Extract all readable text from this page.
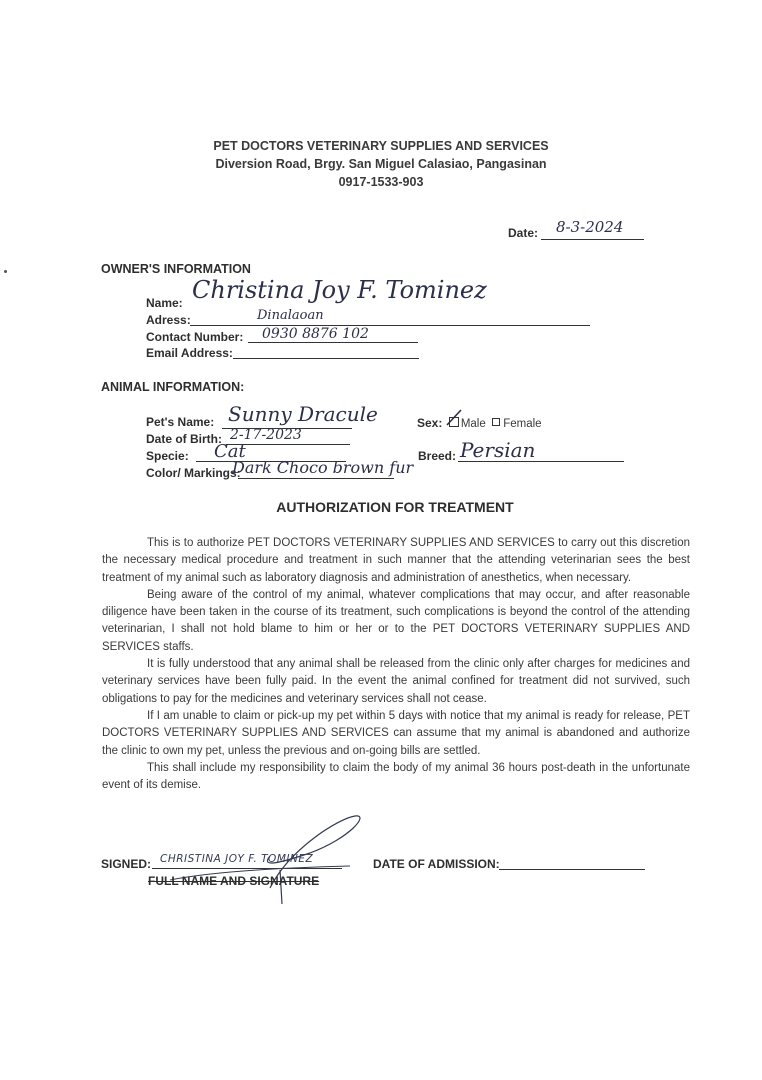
PET DOCTORS VETERINARY SUPPLIES AND SERVICES
Diversion Road, Brgy. San Miguel Calasiao, Pangasinan
0917-1533-903
Date: 8-3-2024
OWNER'S INFORMATION
Name: Christina Joy F. Tominez
Adress:	Dinalaoan
Contact Number: 0930 8876 102
Email Address:
ANIMAL INFORMATION:
Pet's Name: Sunny Dracule
Date of Birth: 2-17-2023
Specie: Cat
Color/ Markings:
Dark Choco brown fur
Sex: Male Female
Breed: Persian
AUTHORIZATION FOR TREATMENT

This is to authorize PET DOCTORS VETERINARY SUPPLIES AND SERVICES to carry out this discretion the necessary medical procedure and treatment in such manner that the attending veterinarian sees the best treatment of my animal such as laboratory diagnosis and administration of anesthetics, when necessary.

Being aware of the control of my animal, whatever complications that may occur, and after reasonable diligence have been taken in the course of its treatment, such complications is beyond the control of the attending veterinarian, I shall not hold blame to him or her or to the PET DOCTORS VETERINARY SUPPLIES AND SERVICES staffs.

It is fully understood that any animal shall be released from the clinic only after charges for medicines and veterinary services have been fully paid. In the event the animal confined for treatment did not survived, such obligations to pay for the medicines and veterinary services shall not cease.

If I am unable to claim or pick-up my pet within 5 days with notice that my animal is ready for release, PET DOCTORS VETERINARY SUPPLIES AND SERVICES can assume that my animal is abandoned and authorize the clinic to own my pet, unless the previous and on-going bills are settled.

This shall include my responsibility to claim the body of my animal 36 hours post-death in the unfortunate event of its demise.

SIGNED: CHRISTINA JOY F. TOMINEZ
FULL NAME AND SIGNATURE
DATE OF ADMISSION:
